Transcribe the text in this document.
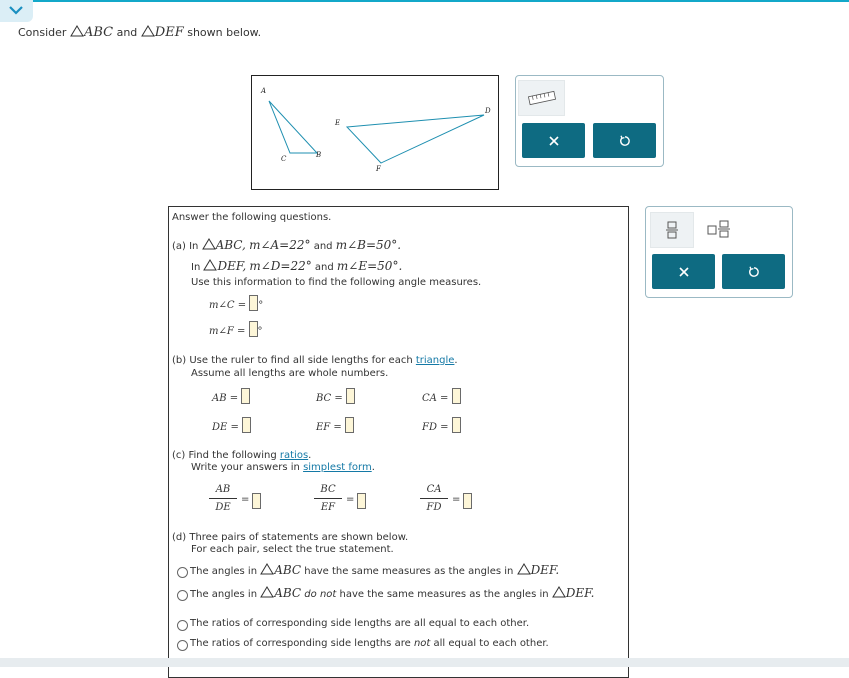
Consider ABC and DEF shown below.
A
B
C
D
E
F
Answer the following questions.
(a) In ABC, m∠A=22° and m∠B=50°.
In DEF, m∠D=22° and m∠E=50°.
Use this information to find the following angle measures.
m∠C = °
m∠F = °
(b) Use the ruler to find all side lengths for each triangle.
Assume all lengths are whole numbers.
AB =	BC =	CA =
DE =	EF =	FD =
(c) Find the following ratios.
Write your answers in simplest form.
AB
DE
=
BC
EF
=
CA
FD
=
(d) Three pairs of statements are shown below.
For each pair, select the true statement.
The angles in ABC have the same measures as the angles in DEF.
The angles in ABC do not have the same measures as the angles in DEF.
The ratios of corresponding side lengths are all equal to each other.
The ratios of corresponding side lengths are not all equal to each other.
